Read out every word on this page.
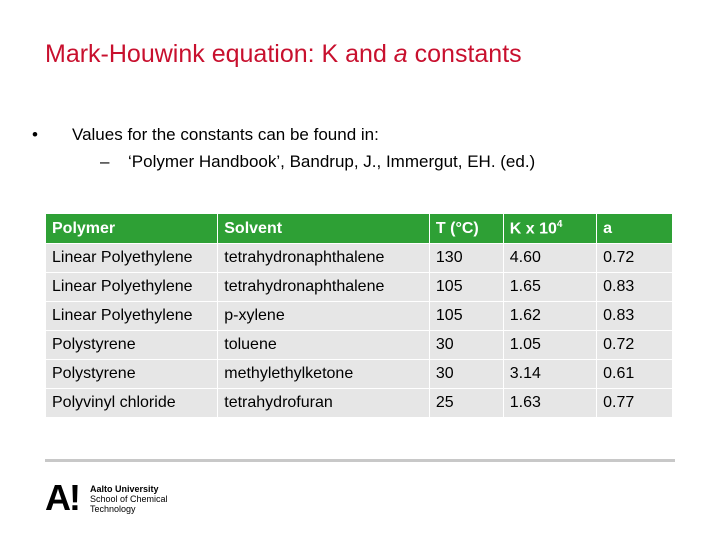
Mark-Houwink equation: K and a constants
• Values for the constants can be found in:
– ‘Polymer Handbook’, Bandrup, J., Immergut, EH. (ed.)
Polymer	Solvent	T (°C)	K x $10^4$	a
Linear Polyethylene	tetrahydronaphthalene	130	4.60	0.72
Linear Polyethylene	tetrahydronaphthalene	105	1.65	0.83
Linear Polyethylene	p-xylene	105	1.62	0.83
Polystyrene	toluene	30	1.05	0.72
Polystyrene	methylethylketone	30	3.14	0.61
Polyvinyl chloride	tetrahydrofuran	25	1.63	0.77
A! Aalto University
School of Chemical
Technology
